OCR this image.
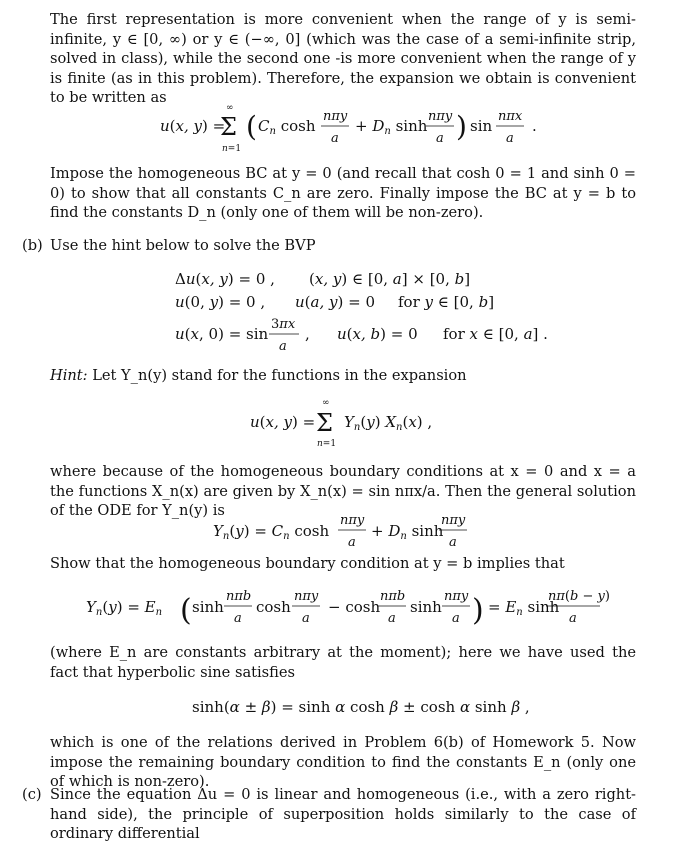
The first representation is more convenient when the range of y is semi-infinite, y ∈ [0, ∞) or y ∈ (−∞, 0] (which was the case of a semi-infinite strip, solved in class), while the second one -is more convenient when the range of y is finite (as in this problem). Therefore, the expansion we obtain is convenient to be written as
u(x, y) =
∞
Σ
n=1
( $C_n$ cosh
nπy
a
+ $D_n$ sinh
nπy
a ) sin
nπx
a
.
Impose the homogeneous BC at y = 0 (and recall that cosh 0 = 1 and sinh 0 = 0) to show that all constants C_n are zero. Finally impose the BC at y = b to find the constants D_n (only one of them will be non-zero).
(b) Use the hint below to solve the BVP
Δu(x, y) = 0 , (x, y) ∈ [0, a] × [0, b]
u(0, y) = 0 , u(a, y) = 0 for y ∈ [0, b]
u(x, 0) = sin
3πx
a
, u(x, b) = 0 for x ∈ [0, a] .
Hint: Let Y_n(y) stand for the functions in the expansion
u(x, y) =
∞
Σ
n=1
$Y_n(y)$ $X_n(x)$ ,
where because of the homogeneous boundary conditions at x = 0 and x = a the functions X_n(x) are given by X_n(x) = sin nπx/a. Then the general solution of the ODE for Y_n(y) is
$Y_n(y) = C_n$ cosh
nπy
a
+ $D_n$ sinh
nπy
a
Show that the homogeneous boundary condition at y = b implies that
$Y_n(y) = E_n$ ( sinh
nπb
a
cosh
nπy
a
− cosh
nπb
a
sinh
nπy
a ) = $E_n$ sinh
nπ(b − y)
a
(where E_n are constants arbitrary at the moment); here we have used the fact that hyperbolic sine satisfies
sinh(α ± β) = sinh α cosh β ± cosh α sinh β ,
which is one of the relations derived in Problem 6(b) of Homework 5. Now impose the remaining boundary condition to find the constants E_n (only one of which is non-zero).
(c) Since the equation Δu = 0 is linear and homogeneous (i.e., with a zero right-hand side), the principle of superposition holds similarly to the case of ordinary differential
